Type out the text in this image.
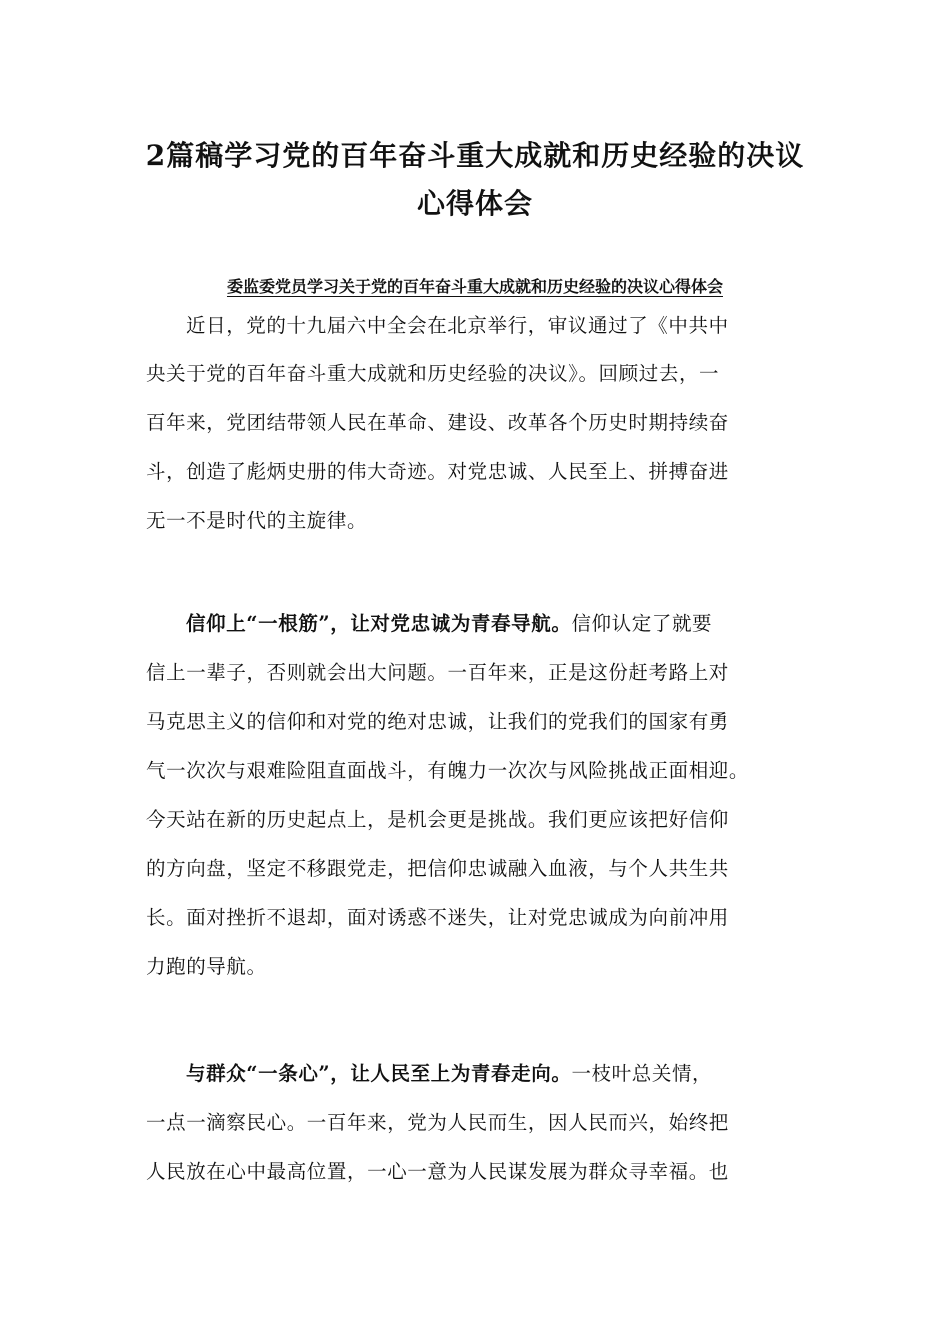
2篇稿学习党的百年奋斗重大成就和历史经验的决议
心得体会
委监委党员学习关于党的百年奋斗重大成就和历史经验的决议心得体会
近日，党的十九届六中全会在北京举行，审议通过了《中共中
央关于党的百年奋斗重大成就和历史经验的决议》。回顾过去，一
百年来，党团结带领人民在革命、建设、改革各个历史时期持续奋
斗，创造了彪炳史册的伟大奇迹。对党忠诚、人民至上、拼搏奋进
无一不是时代的主旋律。
信仰上“一根筋”，让对党忠诚为青春导航。信仰认定了就要
信上一辈子，否则就会出大问题。一百年来，正是这份赶考路上对
马克思主义的信仰和对党的绝对忠诚，让我们的党我们的国家有勇
气一次次与艰难险阻直面战斗，有魄力一次次与风险挑战正面相迎。
今天站在新的历史起点上，是机会更是挑战。我们更应该把好信仰
的方向盘，坚定不移跟党走，把信仰忠诚融入血液，与个人共生共
长。面对挫折不退却，面对诱惑不迷失，让对党忠诚成为向前冲用
力跑的导航。
与群众“一条心”，让人民至上为青春走向。一枝叶总关情，
一点一滴察民心。一百年来，党为人民而生，因人民而兴，始终把
人民放在心中最高位置，一心一意为人民谋发展为群众寻幸福。也
